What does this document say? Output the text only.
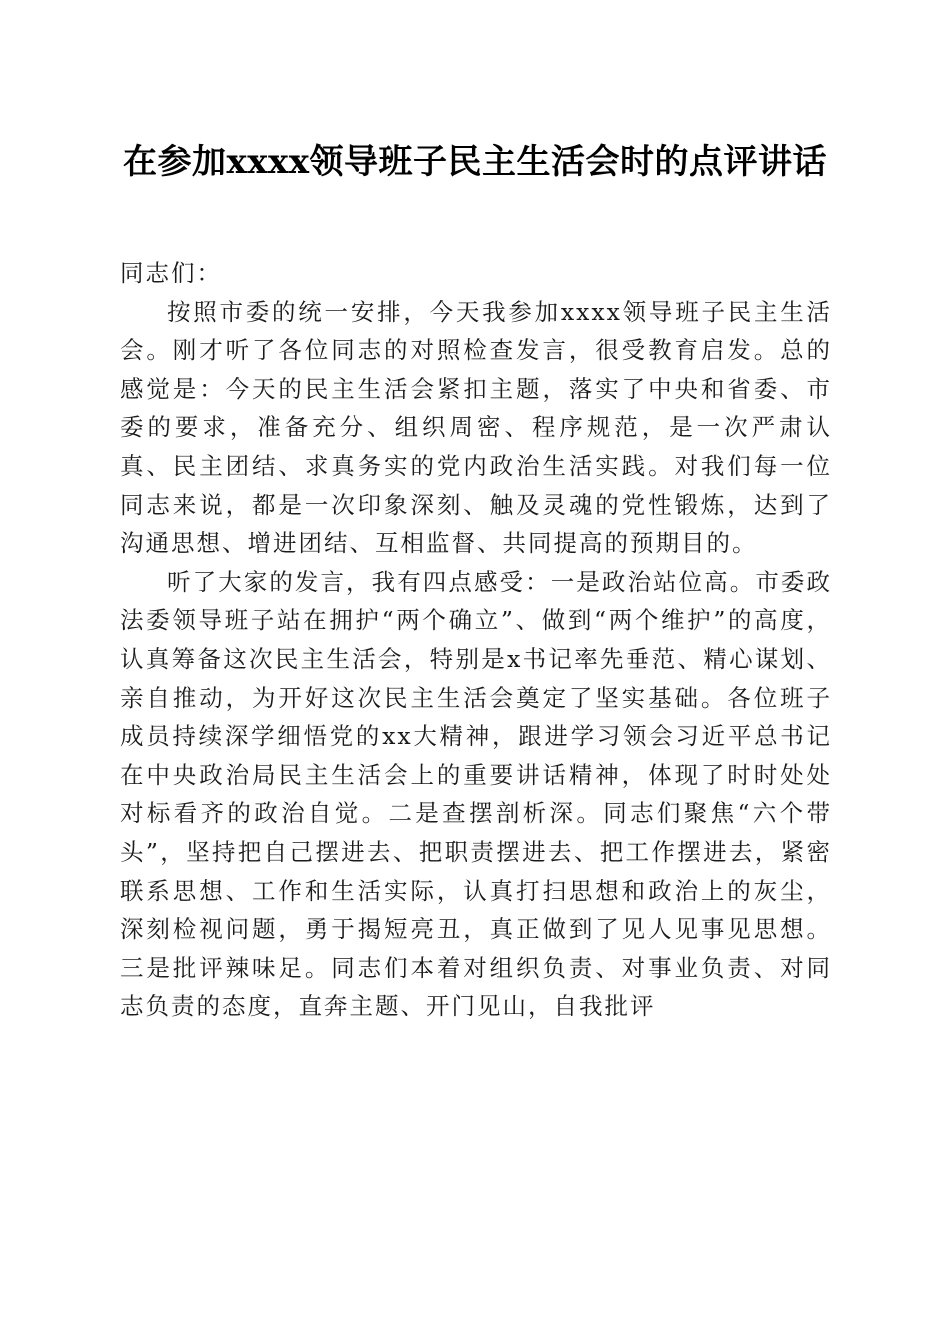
在参加xxxx领导班子民主生活会时的点评讲话

同志们：

按照市委的统一安排，今天我参加xxxx领导班子民主生活会。刚才听了各位同志的对照检查发言，很受教育启发。总的感觉是：今天的民主生活会紧扣主题，落实了中央和省委、市委的要求，准备充分、组织周密、程序规范，是一次严肃认真、民主团结、求真务实的党内政治生活实践。对我们每一位同志来说，都是一次印象深刻、触及灵魂的党性锻炼，达到了沟通思想、增进团结、互相监督、共同提高的预期目的。

听了大家的发言，我有四点感受：一是政治站位高。市委政法委领导班子站在拥护“两个确立”、做到“两个维护”的高度，认真筹备这次民主生活会，特别是x书记率先垂范、精心谋划、亲自推动，为开好这次民主生活会奠定了坚实基础。各位班子成员持续深学细悟党的xx大精神，跟进学习领会习近平总书记在中央政治局民主生活会上的重要讲话精神，体现了时时处处对标看齐的政治自觉。二是查摆剖析深。同志们聚焦“六个带头”，坚持把自己摆进去、把职责摆进去、把工作摆进去，紧密联系思想、工作和生活实际，认真打扫思想和政治上的灰尘，深刻检视问题，勇于揭短亮丑，真正做到了见人见事见思想。三是批评辣味足。同志们本着对组织负责、对事业负责、对同志负责的态度，直奔主题、开门见山，自我批评
